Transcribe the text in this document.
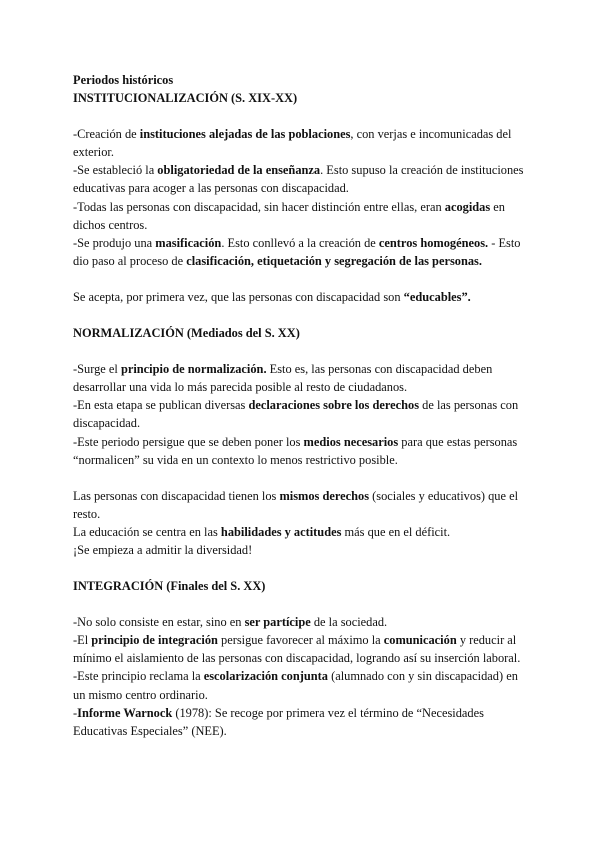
Periodos históricos

INSTITUCIONALIZACIÓN (S. XIX-XX)

-Creación de instituciones alejadas de las poblaciones, con verjas e incomunicadas del exterior.

-Se estableció la obligatoriedad de la enseñanza. Esto supuso la creación de instituciones educativas para acoger a las personas con discapacidad.

-Todas las personas con discapacidad, sin hacer distinción entre ellas, eran acogidas en dichos centros.

-Se produjo una masificación. Esto conllevó a la creación de centros homogéneos. - Esto dio paso al proceso de clasificación, etiquetación y segregación de las personas.

Se acepta, por primera vez, que las personas con discapacidad son “educables”.

NORMALIZACIÓN (Mediados del S. XX)

-Surge el principio de normalización. Esto es, las personas con discapacidad deben desarrollar una vida lo más parecida posible al resto de ciudadanos.

-En esta etapa se publican diversas declaraciones sobre los derechos de las personas con discapacidad.

-Este periodo persigue que se deben poner los medios necesarios para que estas personas “normalicen” su vida en un contexto lo menos restrictivo posible.

Las personas con discapacidad tienen los mismos derechos (sociales y educativos) que el resto.

La educación se centra en las habilidades y actitudes más que en el déficit.

¡Se empieza a admitir la diversidad!

INTEGRACIÓN (Finales del S. XX)

-No solo consiste en estar, sino en ser partícipe de la sociedad.

-El principio de integración persigue favorecer al máximo la comunicación y reducir al mínimo el aislamiento de las personas con discapacidad, logrando así su inserción laboral.

-Este principio reclama la escolarización conjunta (alumnado con y sin discapacidad) en un mismo centro ordinario.

-Informe Warnock (1978): Se recoge por primera vez el término de “Necesidades Educativas Especiales” (NEE).
